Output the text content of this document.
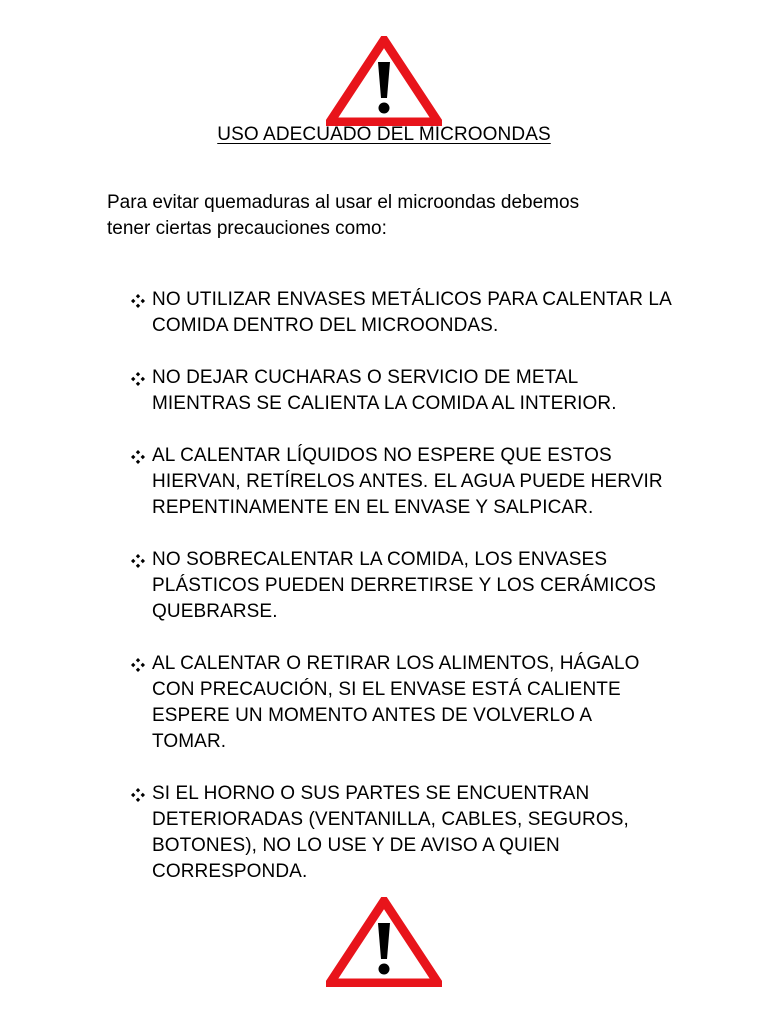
USO ADECUADO DEL MICROONDAS

Para evitar quemaduras al usar el microondas debemos
tener ciertas precauciones como:

NO UTILIZAR ENVASES METÁLICOS PARA CALENTAR LA
COMIDA DENTRO DEL MICROONDAS.
NO DEJAR CUCHARAS O SERVICIO DE METAL
MIENTRAS SE CALIENTA LA COMIDA AL INTERIOR.
AL CALENTAR LÍQUIDOS NO ESPERE QUE ESTOS
HIERVAN, RETÍRELOS ANTES. EL AGUA PUEDE HERVIR
REPENTINAMENTE EN EL ENVASE Y SALPICAR.
NO SOBRECALENTAR LA COMIDA, LOS ENVASES
PLÁSTICOS PUEDEN DERRETIRSE Y LOS CERÁMICOS
QUEBRARSE.
AL CALENTAR O RETIRAR LOS ALIMENTOS, HÁGALO
CON PRECAUCIÓN, SI EL ENVASE ESTÁ CALIENTE
ESPERE UN MOMENTO ANTES DE VOLVERLO A
TOMAR.
SI EL HORNO O SUS PARTES SE ENCUENTRAN
DETERIORADAS (VENTANILLA, CABLES, SEGUROS,
BOTONES), NO LO USE Y DE AVISO A QUIEN
CORRESPONDA.
